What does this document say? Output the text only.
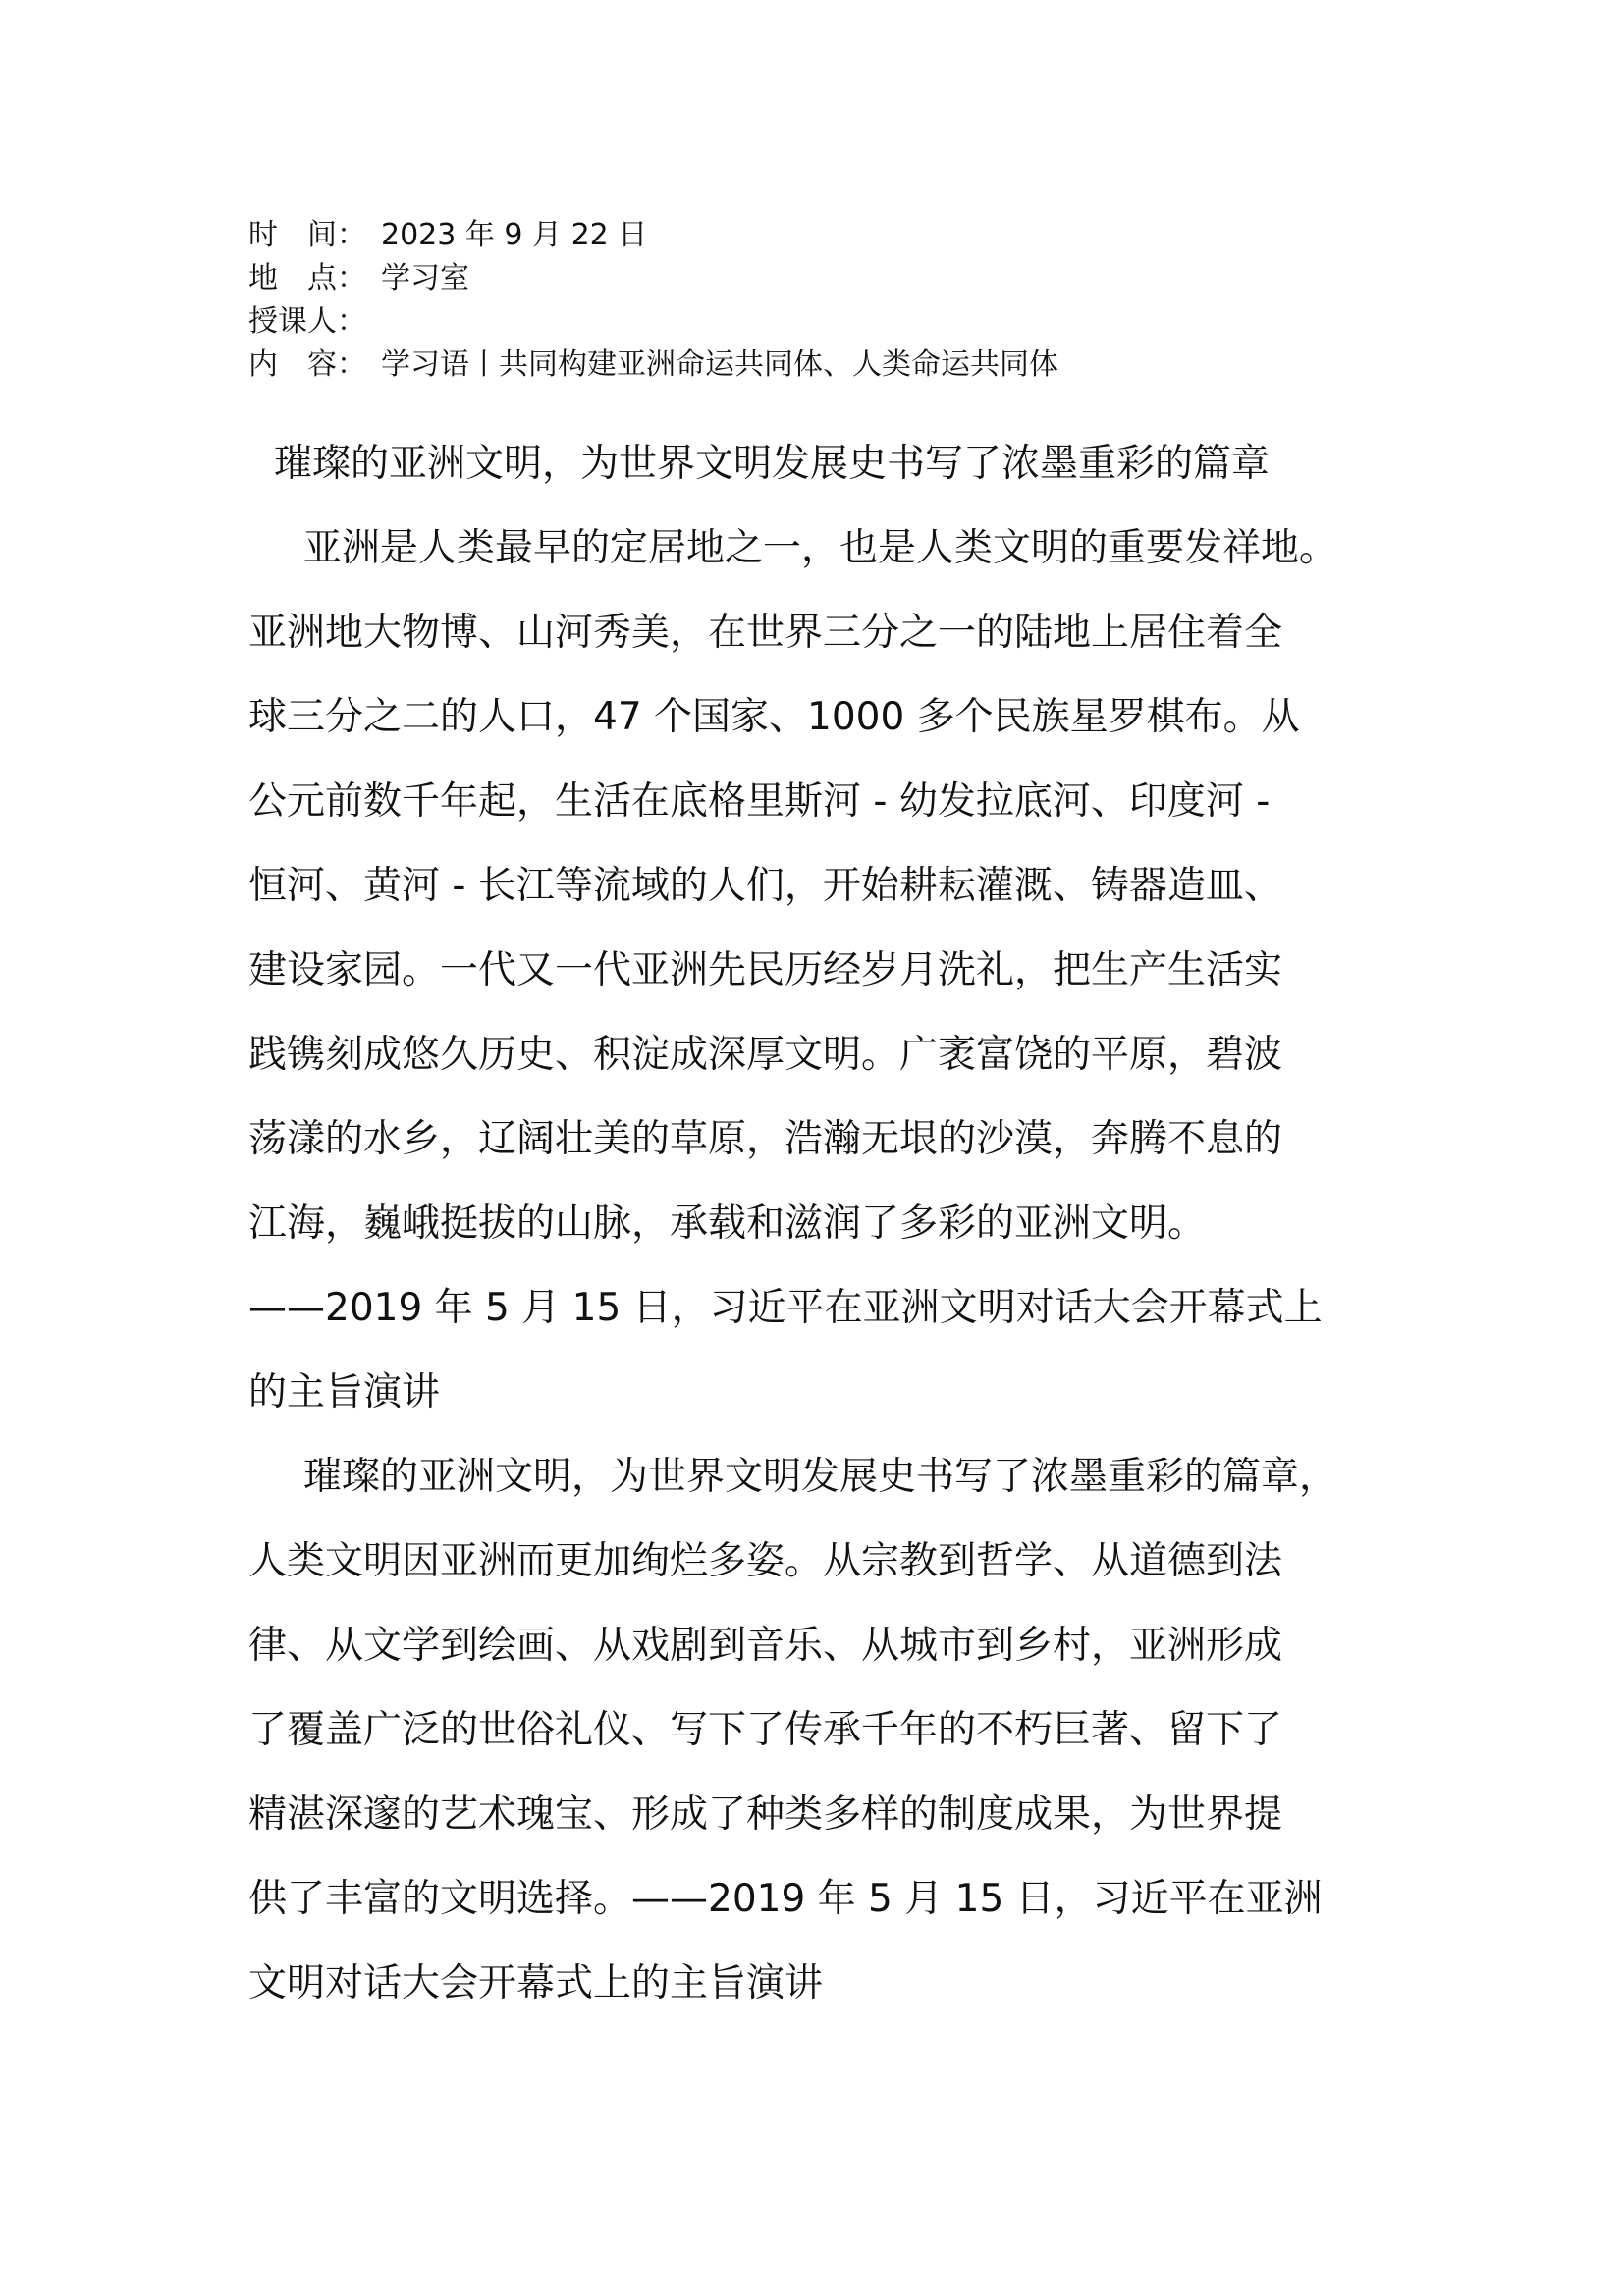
时　间： 2023 年 9 月 22 日
地　点： 学习室
授课人：
内　容： 学习语丨共同构建亚洲命运共同体、人类命运共同体
璀璨的亚洲文明，为世界文明发展史书写了浓墨重彩的篇章
亚洲是人类最早的定居地之一，也是人类文明的重要发祥地。
亚洲地大物博、山河秀美，在世界三分之一的陆地上居住着全
球三分之二的人口，47 个国家、1000 多个民族星罗棋布。从
公元前数千年起，生活在底格里斯河 - 幼发拉底河、印度河 -
恒河、黄河 - 长江等流域的人们，开始耕耘灌溉、铸器造皿、
建设家园。一代又一代亚洲先民历经岁月洗礼，把生产生活实
践镌刻成悠久历史、积淀成深厚文明。广袤富饶的平原，碧波
荡漾的水乡，辽阔壮美的草原，浩瀚无垠的沙漠，奔腾不息的
江海，巍峨挺拔的山脉，承载和滋润了多彩的亚洲文明。
——2019 年 5 月 15 日，习近平在亚洲文明对话大会开幕式上
的主旨演讲
璀璨的亚洲文明，为世界文明发展史书写了浓墨重彩的篇章，
人类文明因亚洲而更加绚烂多姿。从宗教到哲学、从道德到法
律、从文学到绘画、从戏剧到音乐、从城市到乡村，亚洲形成
了覆盖广泛的世俗礼仪、写下了传承千年的不朽巨著、留下了
精湛深邃的艺术瑰宝、形成了种类多样的制度成果，为世界提
供了丰富的文明选择。——2019 年 5 月 15 日，习近平在亚洲
文明对话大会开幕式上的主旨演讲
